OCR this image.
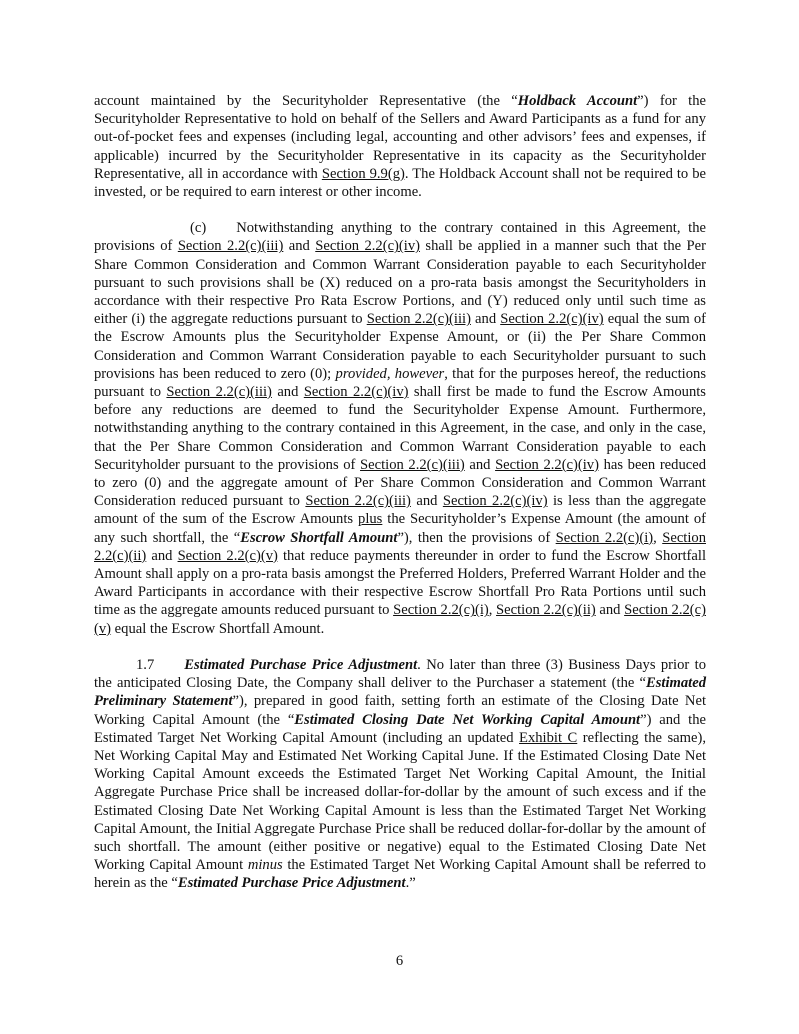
account maintained by the Securityholder Representative (the “Holdback Account”) for the Securityholder Representative to hold on behalf of the Sellers and Award Participants as a fund for any out-of-pocket fees and expenses (including legal, accounting and other advisors’ fees and expenses, if applicable) incurred by the Securityholder Representative in its capacity as the Securityholder Representative, all in accordance with Section 9.9(g). The Holdback Account shall not be required to be invested, or be required to earn interest or other income.

(c) Notwithstanding anything to the contrary contained in this Agreement, the provisions of Section 2.2(c)(iii) and Section 2.2(c)(iv) shall be applied in a manner such that the Per Share Common Consideration and Common Warrant Consideration payable to each Securityholder pursuant to such provisions shall be (X) reduced on a pro-rata basis amongst the Securityholders in accordance with their respective Pro Rata Escrow Portions, and (Y) reduced only until such time as either (i) the aggregate reductions pursuant to Section 2.2(c)(iii) and Section 2.2(c)(iv) equal the sum of the Escrow Amounts plus the Securityholder Expense Amount, or (ii) the Per Share Common Consideration and Common Warrant Consideration payable to each Securityholder pursuant to such provisions has been reduced to zero (0); provided, however, that for the purposes hereof, the reductions pursuant to Section 2.2(c)(iii) and Section 2.2(c)(iv) shall first be made to fund the Escrow Amounts before any reductions are deemed to fund the Securityholder Expense Amount. Furthermore, notwithstanding anything to the contrary contained in this Agreement, in the case, and only in the case, that the Per Share Common Consideration and Common Warrant Consideration payable to each Securityholder pursuant to the provisions of Section 2.2(c)(iii) and Section 2.2(c)(iv) has been reduced to zero (0) and the aggregate amount of Per Share Common Consideration and Common Warrant Consideration reduced pursuant to Section 2.2(c)(iii) and Section 2.2(c)(iv) is less than the aggregate amount of the sum of the Escrow Amounts plus the Securityholder’s Expense Amount (the amount of any such shortfall, the “Escrow Shortfall Amount”), then the provisions of Section 2.2(c)(i), Section 2.2(c)(ii) and Section 2.2(c)(v) that reduce payments thereunder in order to fund the Escrow Shortfall Amount shall apply on a pro-rata basis amongst the Preferred Holders, Preferred Warrant Holder and the Award Participants in accordance with their respective Escrow Shortfall Pro Rata Portions until such time as the aggregate amounts reduced pursuant to Section 2.2(c)(i), Section 2.2(c)(ii) and Section 2.2(c)(v) equal the Escrow Shortfall Amount.

1.7 Estimated Purchase Price Adjustment. No later than three (3) Business Days prior to the anticipated Closing Date, the Company shall deliver to the Purchaser a statement (the “Estimated Preliminary Statement”), prepared in good faith, setting forth an estimate of the Closing Date Net Working Capital Amount (the “Estimated Closing Date Net Working Capital Amount”) and the Estimated Target Net Working Capital Amount (including an updated Exhibit C reflecting the same), Net Working Capital May and Estimated Net Working Capital June. If the Estimated Closing Date Net Working Capital Amount exceeds the Estimated Target Net Working Capital Amount, the Initial Aggregate Purchase Price shall be increased dollar-for-dollar by the amount of such excess and if the Estimated Closing Date Net Working Capital Amount is less than the Estimated Target Net Working Capital Amount, the Initial Aggregate Purchase Price shall be reduced dollar-for-dollar by the amount of such shortfall. The amount (either positive or negative) equal to the Estimated Closing Date Net Working Capital Amount minus the Estimated Target Net Working Capital Amount shall be referred to herein as the “Estimated Purchase Price Adjustment.”

6
